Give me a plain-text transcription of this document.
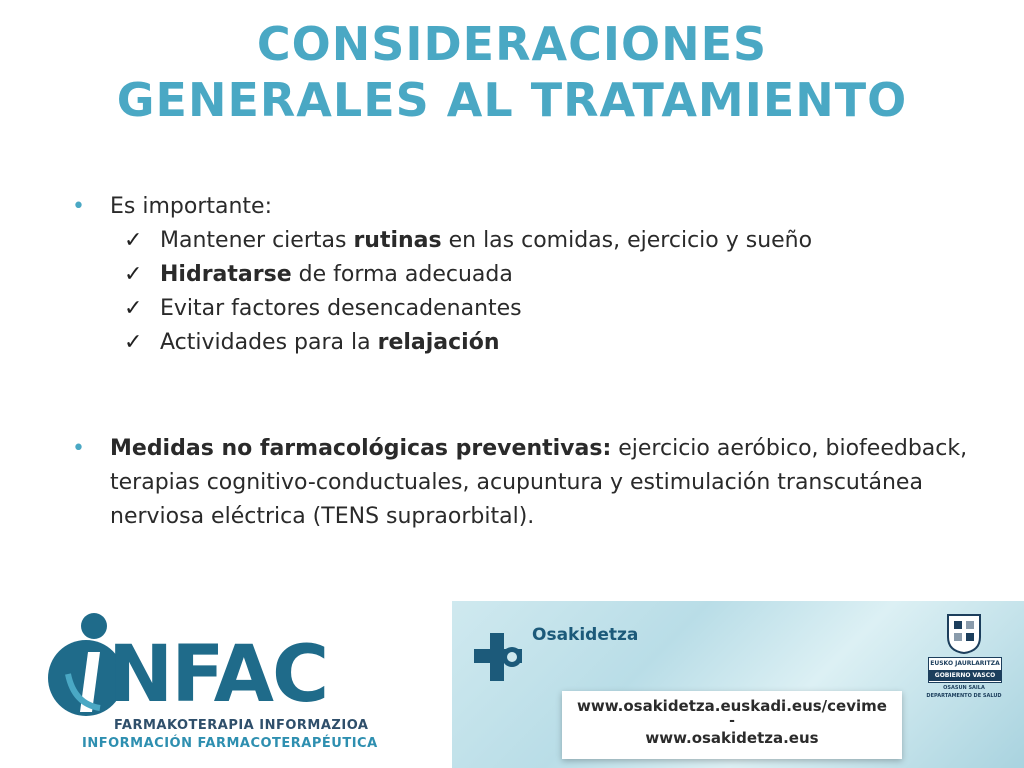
CONSIDERACIONES
GENERALES AL TRATAMIENTO
• Es importante:
✓ Mantener ciertas rutinas en las comidas, ejercicio y sueño
✓ Hidratarse de forma adecuada
✓ Evitar factores desencadenantes
✓ Actividades para la relajación
• Medidas no farmacológicas preventivas: ejercicio aeróbico, biofeedback, terapias cognitivo-conductuales, acupuntura y estimulación transcutánea nerviosa eléctrica (TENS supraorbital).
NFAC
FARMAKOTERAPIA INFORMAZIOA
INFORMACIÓN FARMACOTERAPÉUTICA
Osakidetza
www.osakidetza.euskadi.eus/cevime
-
www.osakidetza.eus
EUSKO JAURLARITZA
GOBIERNO VASCO
OSASUN SAILA
DEPARTAMENTO DE SALUD
